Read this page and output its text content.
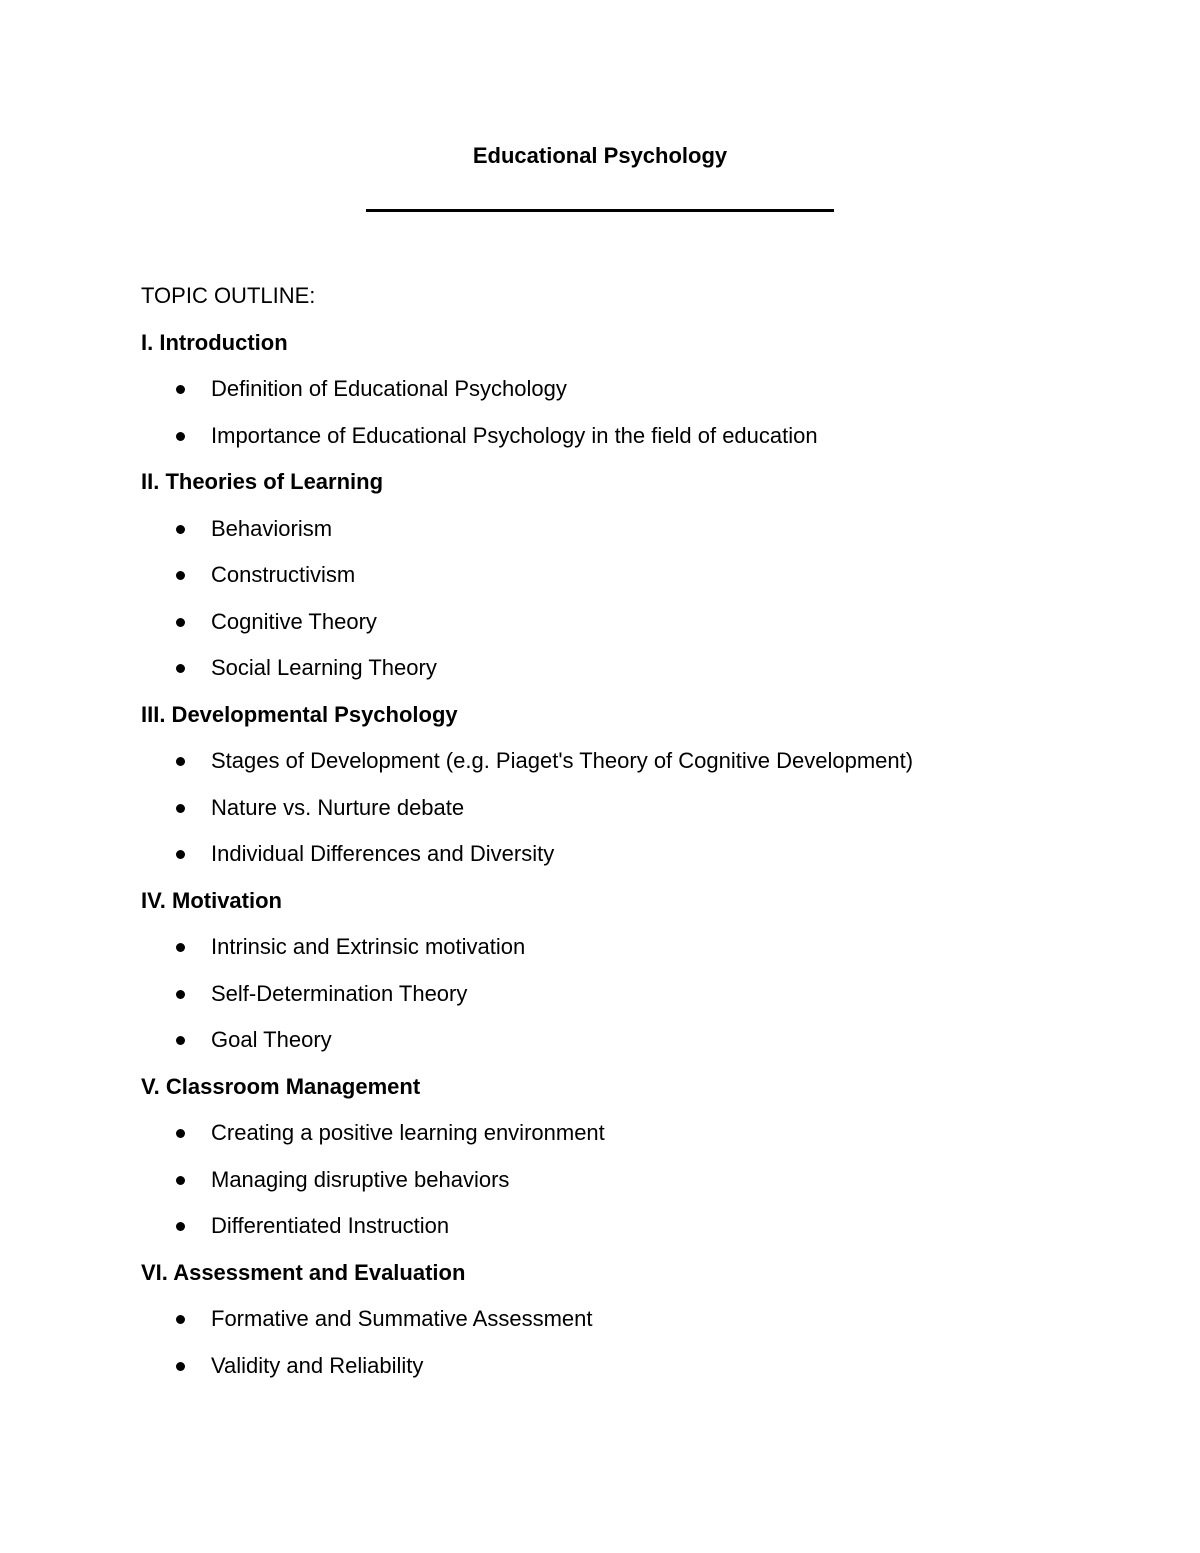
Educational Psychology
TOPIC OUTLINE:
I. Introduction
Definition of Educational Psychology
Importance of Educational Psychology in the field of education
II. Theories of Learning
Behaviorism
Constructivism
Cognitive Theory
Social Learning Theory
III. Developmental Psychology
Stages of Development (e.g. Piaget's Theory of Cognitive Development)
Nature vs. Nurture debate
Individual Differences and Diversity
IV. Motivation
Intrinsic and Extrinsic motivation
Self-Determination Theory
Goal Theory
V. Classroom Management
Creating a positive learning environment
Managing disruptive behaviors
Differentiated Instruction
VI. Assessment and Evaluation
Formative and Summative Assessment
Validity and Reliability
